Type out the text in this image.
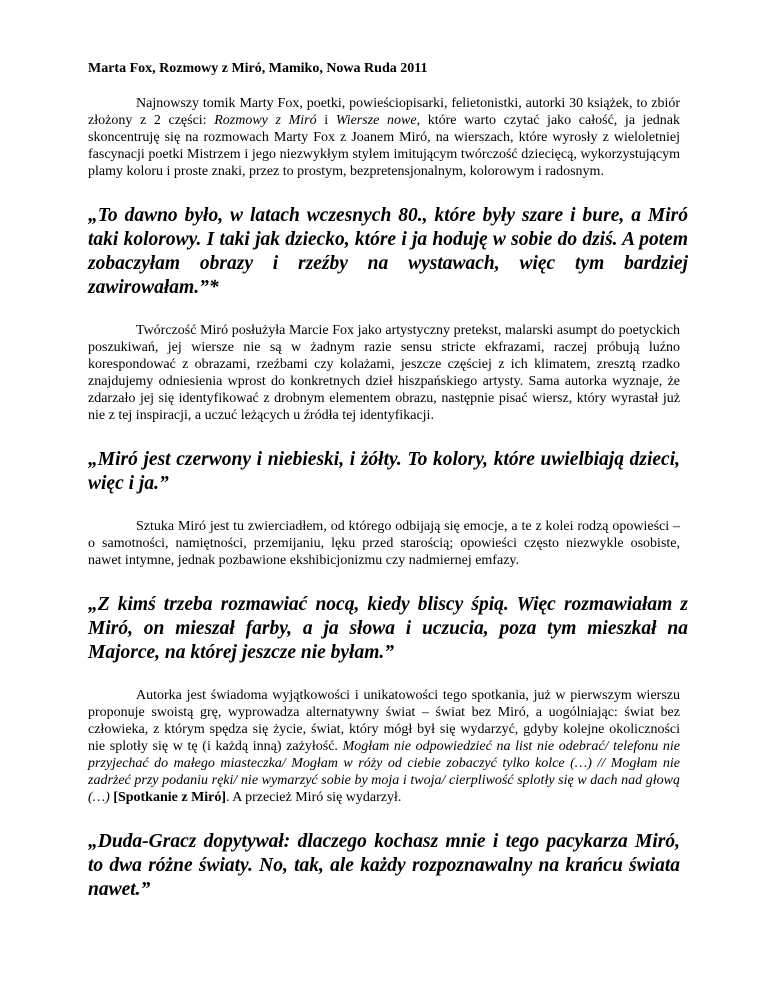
Marta Fox, Rozmowy z Miró, Mamiko, Nowa Ruda 2011

Najnowszy tomik Marty Fox, poetki, powieściopisarki, felietonistki, autorki 30 książek, to zbiór złożony z 2 części: Rozmowy z Miró i Wiersze nowe, które warto czytać jako całość, ja jednak skoncentruję się na rozmowach Marty Fox z Joanem Miró, na wierszach, które wyrosły z wieloletniej fascynacji poetki Mistrzem i jego niezwykłym stylem imitującym twórczość dziecięcą, wykorzystującym plamy koloru i proste znaki, przez to prostym, bezpretensjonalnym, kolorowym i radosnym.

„To dawno było, w latach wczesnych 80., które były szare i bure, a Miró taki kolorowy. I taki jak dziecko, które i ja hoduję w sobie do dziś. A potem zobaczyłam obrazy i rzeźby na wystawach, więc tym bardziej zawirowałam.”*

Twórczość Miró posłużyła Marcie Fox jako artystyczny pretekst, malarski asumpt do poetyckich poszukiwań, jej wiersze nie są w żadnym razie sensu stricte ekfrazami, raczej próbują luźno korespondować z obrazami, rzeźbami czy kolażami, jeszcze częściej z ich klimatem, zresztą rzadko znajdujemy odniesienia wprost do konkretnych dzieł hiszpańskiego artysty. Sama autorka wyznaje, że zdarzało jej się identyfikować z drobnym elementem obrazu, następnie pisać wiersz, który wyrastał już nie z tej inspiracji, a uczuć leżących u źródła tej identyfikacji.

„Miró jest czerwony i niebieski, i żółty. To kolory, które uwielbiają dzieci, więc i ja.”

Sztuka Miró jest tu zwierciadłem, od którego odbijają się emocje, a te z kolei rodzą opowieści – o samotności, namiętności, przemijaniu, lęku przed starością; opowieści często niezwykle osobiste, nawet intymne, jednak pozbawione ekshibicjonizmu czy nadmiernej emfazy.

„Z kimś trzeba rozmawiać nocą, kiedy bliscy śpią. Więc rozmawiałam z Miró, on mieszał farby, a ja słowa i uczucia, poza tym mieszkał na Majorce, na której jeszcze nie byłam.”

Autorka jest świadoma wyjątkowości i unikatowości tego spotkania, już w pierwszym wierszu proponuje swoistą grę, wyprowadza alternatywny świat – świat bez Miró, a uogólniając: świat bez człowieka, z którym spędza się życie, świat, który mógł był się wydarzyć, gdyby kolejne okoliczności nie splotły się w tę (i każdą inną) zażyłość. Mogłam nie odpowiedzieć na list nie odebrać/ telefonu nie przyjechać do małego miasteczka/ Mogłam w róży od ciebie zobaczyć tylko kolce (…) // Mogłam nie zadrżeć przy podaniu ręki/ nie wymarzyć sobie by moja i twoja/ cierpliwość splotły się w dach nad głową (…) [Spotkanie z Miró]. A przecież Miró się wydarzył.

„Duda-Gracz dopytywał: dlaczego kochasz mnie i tego pacykarza Miró, to dwa różne światy. No, tak, ale każdy rozpoznawalny na krańcu świata nawet.”
